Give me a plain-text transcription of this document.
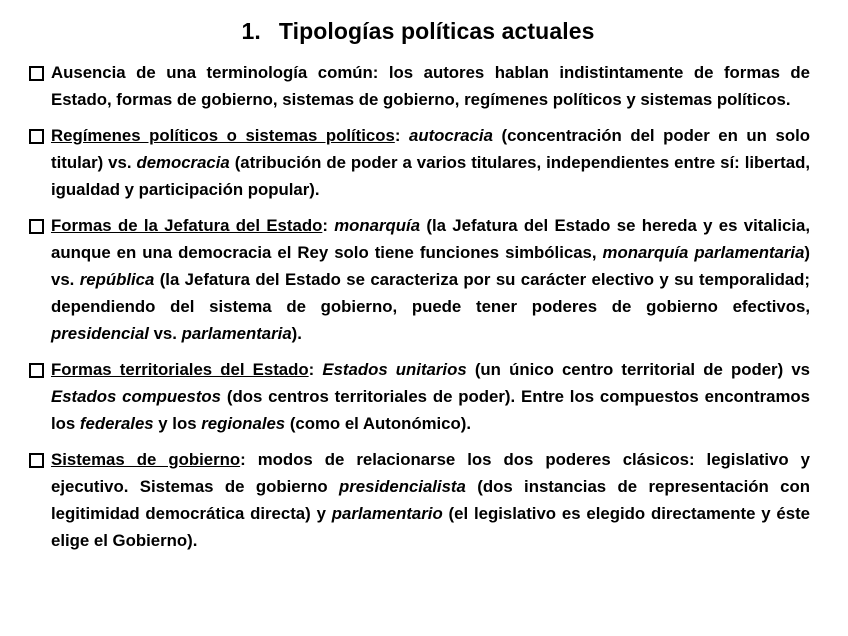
1. Tipologías políticas actuales
Ausencia de una terminología común: los autores hablan indistintamente de formas de Estado, formas de gobierno, sistemas de gobierno, regímenes políticos y sistemas políticos.
Regímenes políticos o sistemas políticos: autocracia (concentración del poder en un solo titular) vs. democracia (atribución de poder a varios titulares, independientes entre sí: libertad, igualdad y participación popular).
Formas de la Jefatura del Estado: monarquía (la Jefatura del Estado se hereda y es vitalicia, aunque en una democracia el Rey solo tiene funciones simbólicas, monarquía parlamentaria) vs. república (la Jefatura del Estado se caracteriza por su carácter electivo y su temporalidad; dependiendo del sistema de gobierno, puede tener poderes de gobierno efectivos, presidencial vs. parlamentaria).
Formas territoriales del Estado: Estados unitarios (un único centro territorial de poder) vs Estados compuestos (dos centros territoriales de poder). Entre los compuestos encontramos los federales y los regionales (como el Autonómico).
Sistemas de gobierno: modos de relacionarse los dos poderes clásicos: legislativo y ejecutivo. Sistemas de gobierno presidencialista (dos instancias de representación con legitimidad democrática directa) y parlamentario (el legislativo es elegido directamente y éste elige el Gobierno).
